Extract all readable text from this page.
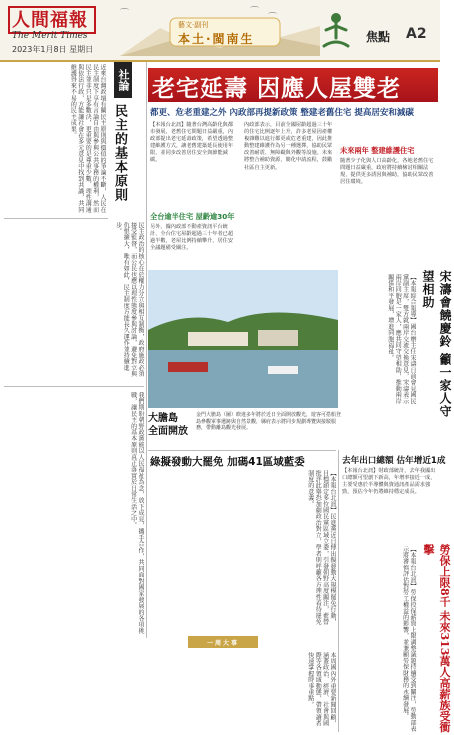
人間福報
The Merit Times
2023年1月8日 星期日
⌒	⌒
藝文·副刊
本土·閩南生	焦點 A2
社論
民主的基本原則
近來台灣政壇有關民主原則與價值的爭論不斷，人民在民主制度下享有言論自由與參與公共事務的權利，然而民主並非只是多數決，更重要的是尊重少數、理性溝通與依法行政，方能讓社會在多元意見中找到共識，共同維護得來不易的民主成果。
民主政治的核心在於權力分立與相互制衡，政府施政必須接受監督，而公民也應以理性態度參與討論，避免對立與仇恨擴大，唯有如此，民主制度方能長久運作並持續進步。
我們期盼朝野政黨能以人民福祉為念，放下成見，攜手合作，共同面對國家發展的各項挑戰，讓民主的基本原則真正落實於日常生活之中。
老宅延壽 因應人屋雙老
都更、危老重建之外 內政部再提新政策 整建老舊住宅 提高居安和減碳
【本報台北訊】隨著台灣高齡化與都市發展，老舊住宅問題日益嚴重，內政部提出老宅延壽政策，希望透過整建維護方式，讓老舊建築延長使用年限，並同步改善居住安全與節能減碳。
內政部表示，目前全國屋齡超過三十年的住宅比例逐年上升，許多老屋因產權複雜難以進行都更或危老重建，因此推動整建維護作為另一種選擇，協助民眾改善耐震、無障礙與外觀等設施。未來將整合補助資源，簡化申請流程，鼓勵社區自主更新。
全台逾半住宅 屋齡逾30年
另外，據內政部不動產資訊平台統計，全台住宅屋齡超過三十年者已超過半數，老屋比例持續攀升，居住安全議題備受關注。
未來兩年 整建維護住宅
隨著少子化與人口高齡化，各地老舊住宅問題日益嚴重，政府將持續檢討相關法規，提供更多誘因與補助，協助民眾改善居住環境。
宋濤會饒慶鈴 籲一家人守望相助
【本報綜合報導】國台辦主任宋濤日前會見國民黨副主席，雙方就兩岸交流交換意見，宋濤表示兩岸同胞是一家人，應共同守望相助，推動兩岸關係和平發展，增進同胞福祉。
大膽島
全面開放
金門大膽島（圖）睽違多年將於近日全面開放觀光，遊客可搭船登島參觀軍事遺跡與自然景觀，縣府表示將同步規劃導覽與接駁服務，帶動離島觀光發展。
綠擬發動大罷免 加碼41區域藍委
【本報台北訊】民進黨近日傳出擬發動大規模罷免行動，目標鎖定多位國民黨區域立委，引發朝野高度關注，藍營批評此舉恐加劇政治對立，學者則呼籲各方理性看待罷免制度的意義。
一周大事
本周國內外重要新聞回顧，涵蓋政治、經濟、社會與國際等各領域動態，帶領讀者快速掌握時事重點。
去年出口總額 估年增近1成
【本報台北訊】財政部統計，去年我國出口總額可望創下新高，年增率接近一成，主要受惠於半導體與資通訊產品需求強勁，預估今年仍將維持穩定成長。
勞保上限8千 未來313萬人高薪族受衝擊
【本報台北訊】勞保投保薪資上限調整議題持續受到關注，勞動部表示將審慎評估對勞工權益的影響，並兼顧勞保財務的永續發展。
